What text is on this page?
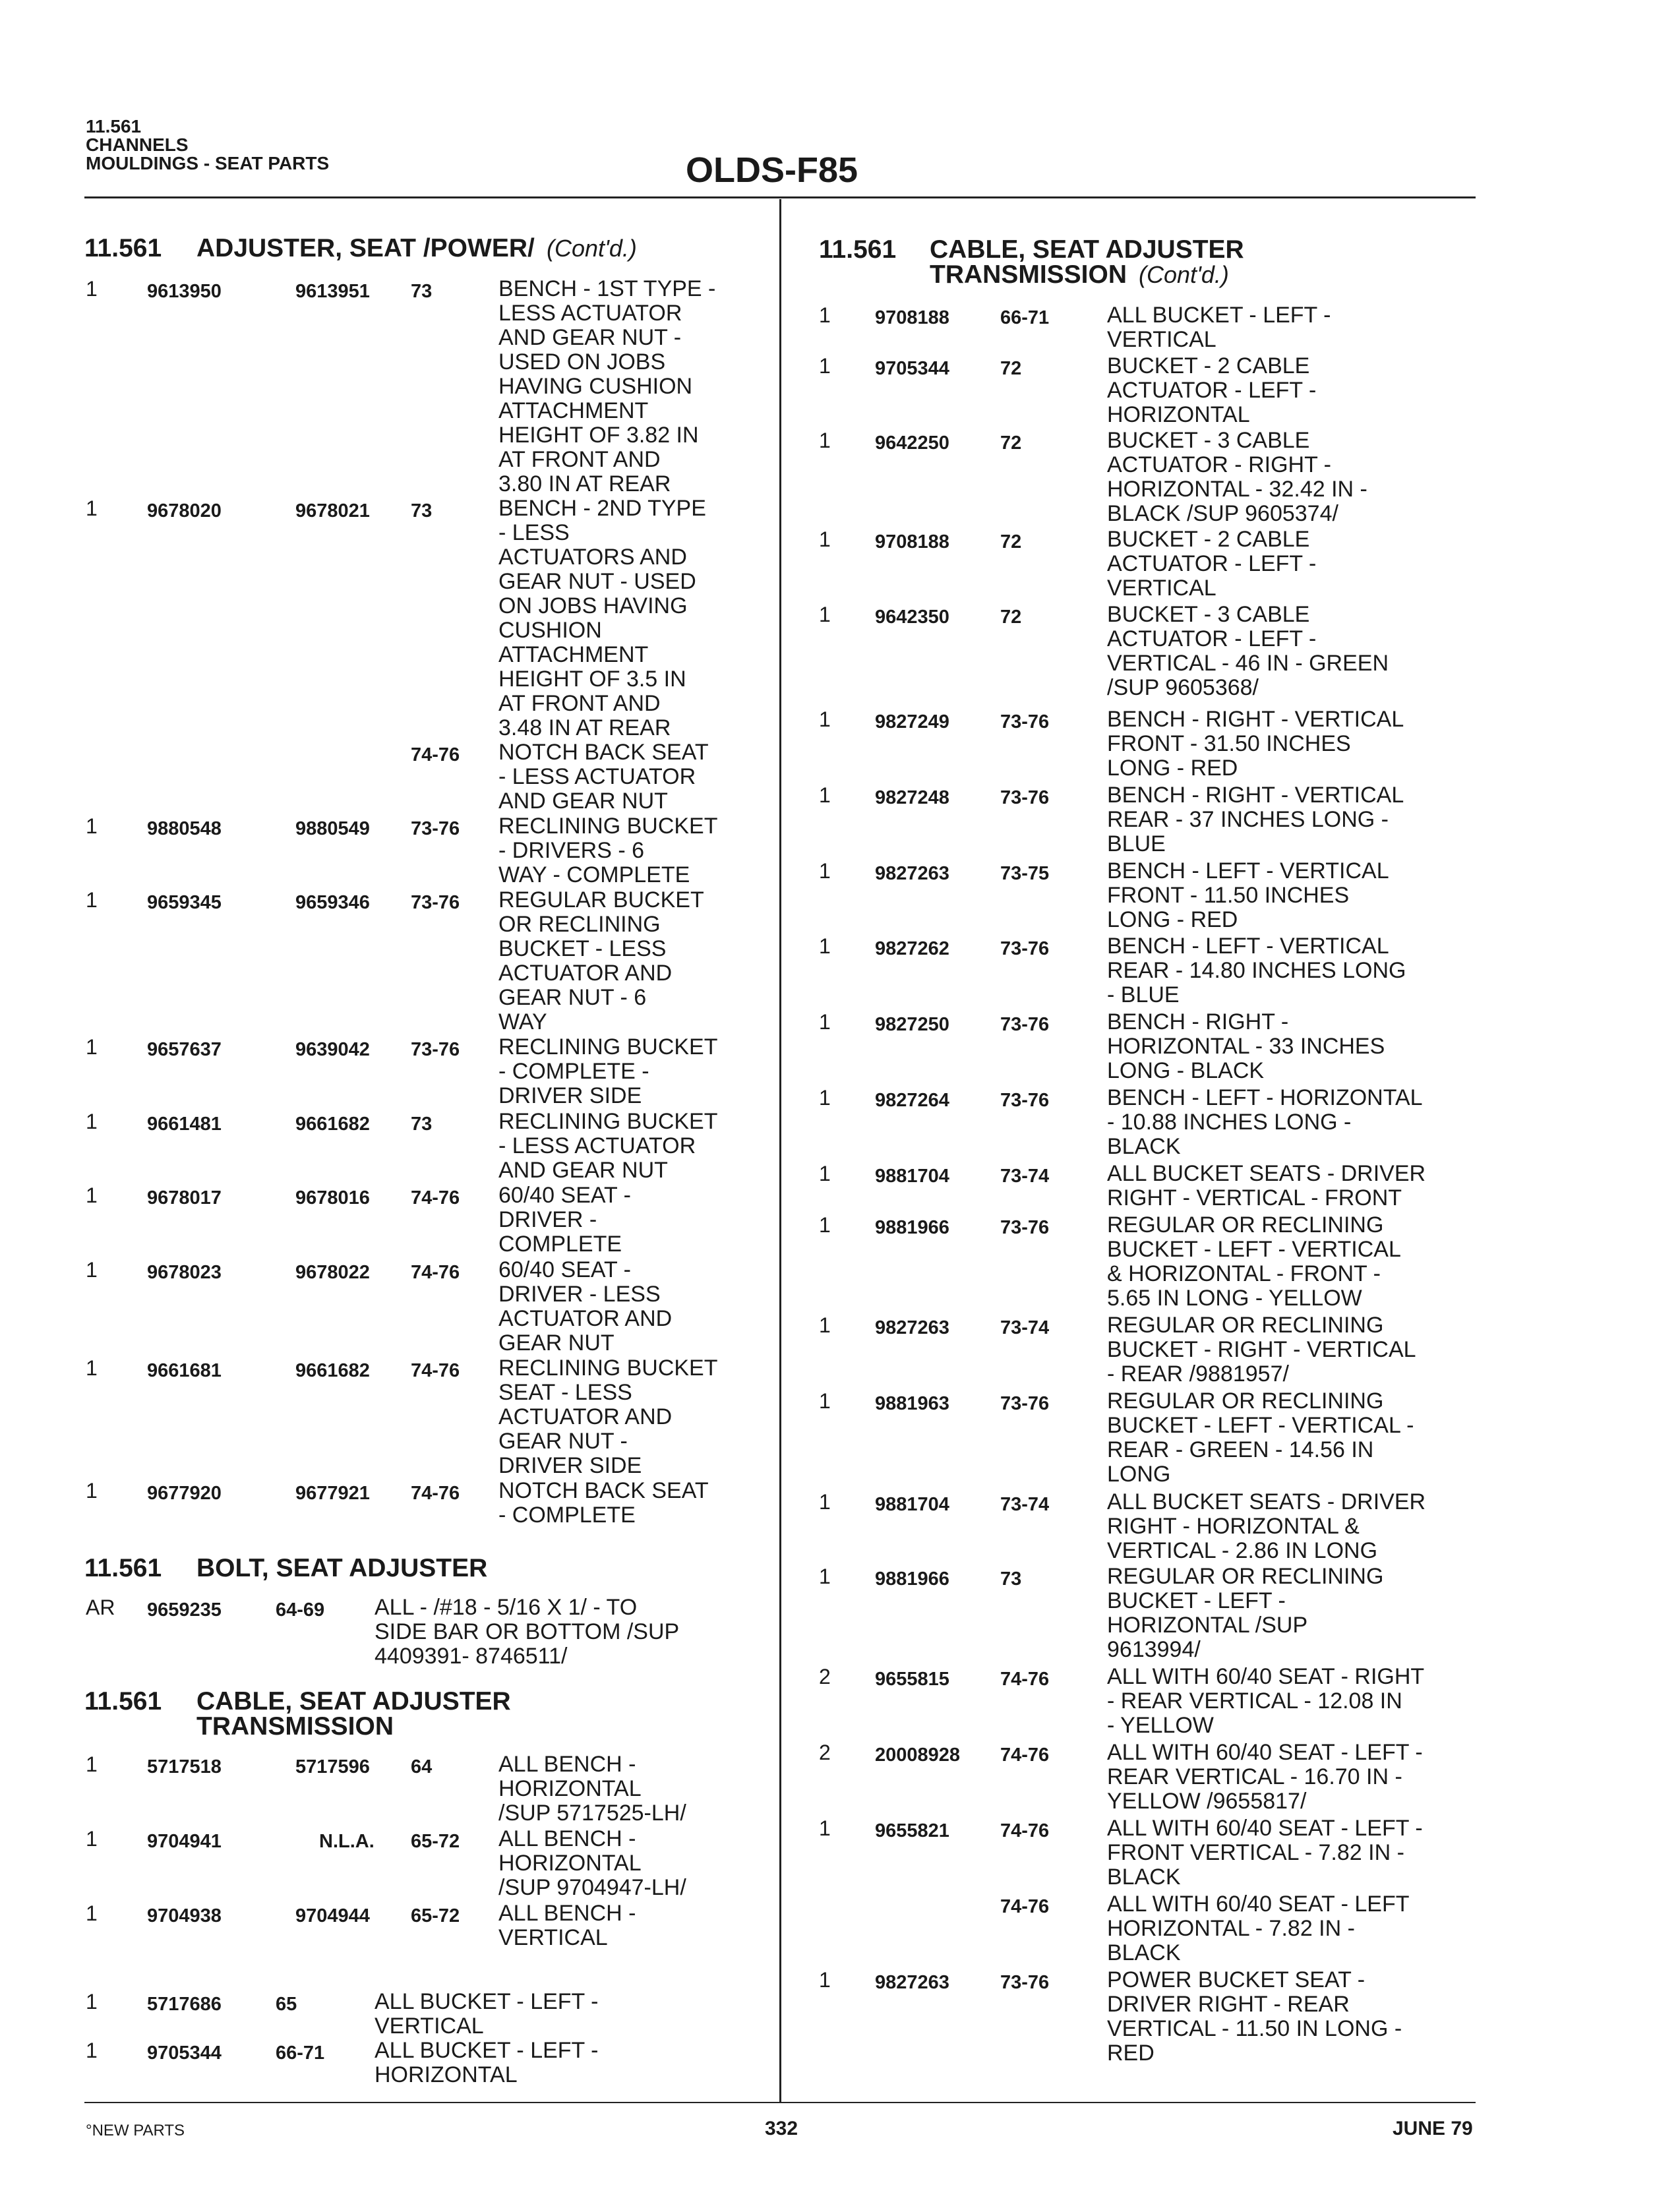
11.561
CHANNELS
MOULDINGS - SEAT PARTS	OLDS-F85
11.561 ADJUSTER, SEAT /POWER/ (Cont'd.)
1	9613950	9613951 73	BENCH - 1ST TYPE -
LESS ACTUATOR
AND GEAR NUT -
USED ON JOBS
HAVING CUSHION
ATTACHMENT
HEIGHT OF 3.82 IN
AT FRONT AND
3.80 IN AT REAR
1	9678020	9678021 73	BENCH - 2ND TYPE
- LESS
ACTUATORS AND
GEAR NUT - USED
ON JOBS HAVING
CUSHION
ATTACHMENT
HEIGHT OF 3.5 IN
AT FRONT AND
3.48 IN AT REAR
74-76 NOTCH BACK SEAT
- LESS ACTUATOR
AND GEAR NUT
1	9880548	9880549 73-76 RECLINING BUCKET
- DRIVERS - 6
WAY - COMPLETE
1	9659345	9659346 73-76 REGULAR BUCKET
OR RECLINING
BUCKET - LESS
ACTUATOR AND
GEAR NUT - 6
WAY
1	9657637	9639042 73-76 RECLINING BUCKET
- COMPLETE -
DRIVER SIDE
1	9661481	9661682 73	RECLINING BUCKET
- LESS ACTUATOR
AND GEAR NUT
1	9678017	9678016 74-76 60/40 SEAT -
DRIVER -
COMPLETE
1	9678023	9678022 74-76 60/40 SEAT -
DRIVER - LESS
ACTUATOR AND
GEAR NUT
1	9661681	9661682 74-76 RECLINING BUCKET
SEAT - LESS
ACTUATOR AND
GEAR NUT -
DRIVER SIDE
1	9677920	9677921 74-76 NOTCH BACK SEAT
- COMPLETE
11.561 BOLT, SEAT ADJUSTER
AR 9659235	64-69 ALL - /#18 - 5/16 X 1/ - TO
SIDE BAR OR BOTTOM /SUP
4409391- 8746511/
11.561 CABLE, SEAT ADJUSTER
TRANSMISSION
1	5717518	5717596 64	ALL BENCH -
HORIZONTAL
/SUP 5717525-LH/
1	9704941	N.L.A. 65-72 ALL BENCH -
HORIZONTAL
/SUP 9704947-LH/
1	9704938	9704944 65-72 ALL BENCH -
VERTICAL
1	5717686	65	ALL BUCKET - LEFT -
VERTICAL
1	9705344	66-71 ALL BUCKET - LEFT -
HORIZONTAL
11.561 CABLE, SEAT ADJUSTER
TRANSMISSION (Cont'd.)
1 9708188	66-71	ALL BUCKET - LEFT -
VERTICAL
1 9705344	72	BUCKET - 2 CABLE
ACTUATOR - LEFT -
HORIZONTAL
1 9642250	72	BUCKET - 3 CABLE
ACTUATOR - RIGHT -
HORIZONTAL - 32.42 IN -
BLACK /SUP 9605374/
1 9708188	72	BUCKET - 2 CABLE
ACTUATOR - LEFT -
VERTICAL
1 9642350	72	BUCKET - 3 CABLE
ACTUATOR - LEFT -
VERTICAL - 46 IN - GREEN
/SUP 9605368/
1 9827249	73-76	BENCH - RIGHT - VERTICAL
FRONT - 31.50 INCHES
LONG - RED
1 9827248	73-76	BENCH - RIGHT - VERTICAL
REAR - 37 INCHES LONG -
BLUE
1 9827263	73-75	BENCH - LEFT - VERTICAL
FRONT - 11.50 INCHES
LONG - RED
1 9827262	73-76	BENCH - LEFT - VERTICAL
REAR - 14.80 INCHES LONG
- BLUE
1 9827250	73-76	BENCH - RIGHT -
HORIZONTAL - 33 INCHES
LONG - BLACK
1 9827264	73-76	BENCH - LEFT - HORIZONTAL
- 10.88 INCHES LONG -
BLACK
1 9881704	73-74	ALL BUCKET SEATS - DRIVER
RIGHT - VERTICAL - FRONT
1 9881966	73-76	REGULAR OR RECLINING
BUCKET - LEFT - VERTICAL
& HORIZONTAL - FRONT -
5.65 IN LONG - YELLOW
1 9827263	73-74	REGULAR OR RECLINING
BUCKET - RIGHT - VERTICAL
- REAR /9881957/
1 9881963	73-76	REGULAR OR RECLINING
BUCKET - LEFT - VERTICAL -
REAR - GREEN - 14.56 IN
LONG
1 9881704	73-74	ALL BUCKET SEATS - DRIVER
RIGHT - HORIZONTAL &
VERTICAL - 2.86 IN LONG
1 9881966	73	REGULAR OR RECLINING
BUCKET - LEFT -
HORIZONTAL /SUP
9613994/
2 9655815	74-76	ALL WITH 60/40 SEAT - RIGHT
- REAR VERTICAL - 12.08 IN
- YELLOW
2 20008928 74-76	ALL WITH 60/40 SEAT - LEFT -
REAR VERTICAL - 16.70 IN -
YELLOW /9655817/
1 9655821	74-76	ALL WITH 60/40 SEAT - LEFT -
FRONT VERTICAL - 7.82 IN -
BLACK
74-76	ALL WITH 60/40 SEAT - LEFT
HORIZONTAL - 7.82 IN -
BLACK
1 9827263	73-76	POWER BUCKET SEAT -
DRIVER RIGHT - REAR
VERTICAL - 11.50 IN LONG -
RED
°NEW PARTS	332	JUNE 79
